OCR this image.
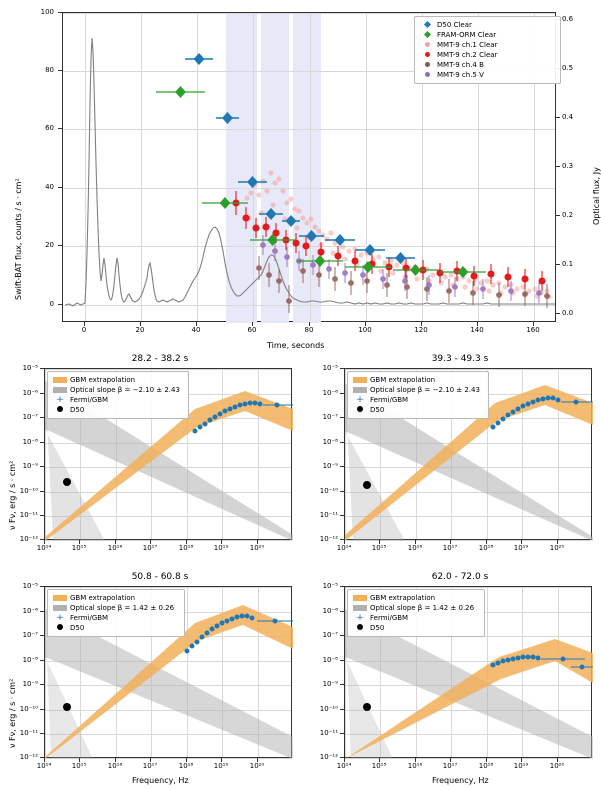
Swift-BAT flux, counts / s · cm²	Optical flux, Jy
Time, seconds
0	20	40	60	80	100	120	140	160
0
20
40
60
80
100
0.0
0.1
0.2
0.3
0.4
0.5
0.6
D50 Clear
FRAM-ORM Clear
MMT-9 ch.1 Clear
MMT-9 ch.2 Clear
MMT-9 ch.4 B
MMT-9 ch.5 V
28.2 - 38.2 s
ν Fν, erg / s · cm²
GBM extrapolation
Optical slope β = −2.10 ± 2.43
+ Fermi/GBM
D50
10¹⁴	10¹⁵	10¹⁶	10¹⁷	10¹⁸	10¹⁹	10²⁰
10⁻⁵
10⁻⁶
10⁻⁷
10⁻⁸
10⁻⁹
10⁻¹⁰
10⁻¹¹
10⁻¹²
39.3 - 49.3 s
GBM extrapolation
Optical slope β = −2.10 ± 2.43
+ Fermi/GBM
D50
10¹⁴	10¹⁵	10¹⁶	10¹⁷	10¹⁸	10¹⁹	10²⁰
10⁻⁵
10⁻⁶
10⁻⁷
10⁻⁸
10⁻⁹
10⁻¹⁰
10⁻¹¹
10⁻¹²
50.8 - 60.8 s
ν Fν, erg / s · cm²
Frequency, Hz
GBM extrapolation
Optical slope β = 1.42 ± 0.26
+ Fermi/GBM
D50
10¹⁴	10¹⁵	10¹⁶	10¹⁷	10¹⁸	10¹⁹	10²⁰
10⁻⁵
10⁻⁶
10⁻⁷
10⁻⁸
10⁻⁹
10⁻¹⁰
10⁻¹¹
10⁻¹²
62.0 - 72.0 s
Frequency, Hz
GBM extrapolation
Optical slope β = 1.42 ± 0.26
+ Fermi/GBM
D50
10¹⁴	10¹⁵	10¹⁶	10¹⁷	10¹⁸	10¹⁹	10²⁰
10⁻⁵
10⁻⁶
10⁻⁷
10⁻⁸
10⁻⁹
10⁻¹⁰
10⁻¹¹
10⁻¹²
